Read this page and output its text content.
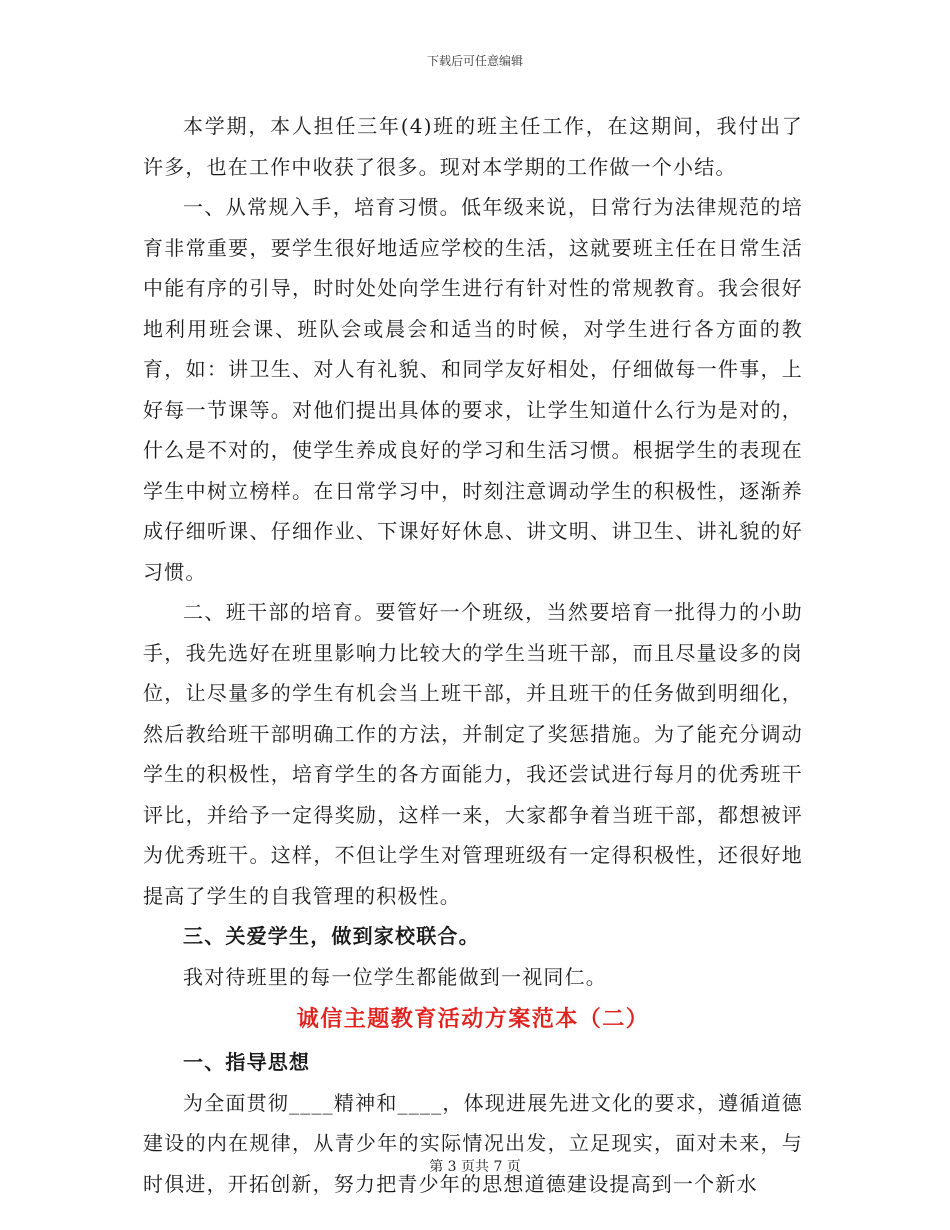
下载后可任意编辑

本学期，本人担任三年(4)班的班主任工作，在这期间，我付出了许多，也在工作中收获了很多。现对本学期的工作做一个小结。

一、从常规入手，培育习惯。低年级来说，日常行为法律规范的培育非常重要，要学生很好地适应学校的生活，这就要班主任在日常生活中能有序的引导，时时处处向学生进行有针对性的常规教育。我会很好地利用班会课、班队会或晨会和适当的时候，对学生进行各方面的教育，如：讲卫生、对人有礼貌、和同学友好相处，仔细做每一件事，上好每一节课等。对他们提出具体的要求，让学生知道什么行为是对的，什么是不对的，使学生养成良好的学习和生活习惯。根据学生的表现在学生中树立榜样。在日常学习中，时刻注意调动学生的积极性，逐渐养成仔细听课、仔细作业、下课好好休息、讲文明、讲卫生、讲礼貌的好习惯。

二、班干部的培育。要管好一个班级，当然要培育一批得力的小助手，我先选好在班里影响力比较大的学生当班干部，而且尽量设多的岗位，让尽量多的学生有机会当上班干部，并且班干的任务做到明细化，然后教给班干部明确工作的方法，并制定了奖惩措施。为了能充分调动学生的积极性，培育学生的各方面能力，我还尝试进行每月的优秀班干评比，并给予一定得奖励，这样一来，大家都争着当班干部，都想被评为优秀班干。这样，不但让学生对管理班级有一定得积极性，还很好地提高了学生的自我管理的积极性。

三、关爱学生，做到家校联合。

我对待班里的每一位学生都能做到一视同仁。

诚信主题教育活动方案范本（二）

一、指导思想

为全面贯彻____精神和____，体现进展先进文化的要求，遵循道德建设的内在规律，从青少年的实际情况出发，立足现实，面对未来，与时俱进，开拓创新，努力把青少年的思想道德建设提高到一个新水

第 3 页共 7 页
